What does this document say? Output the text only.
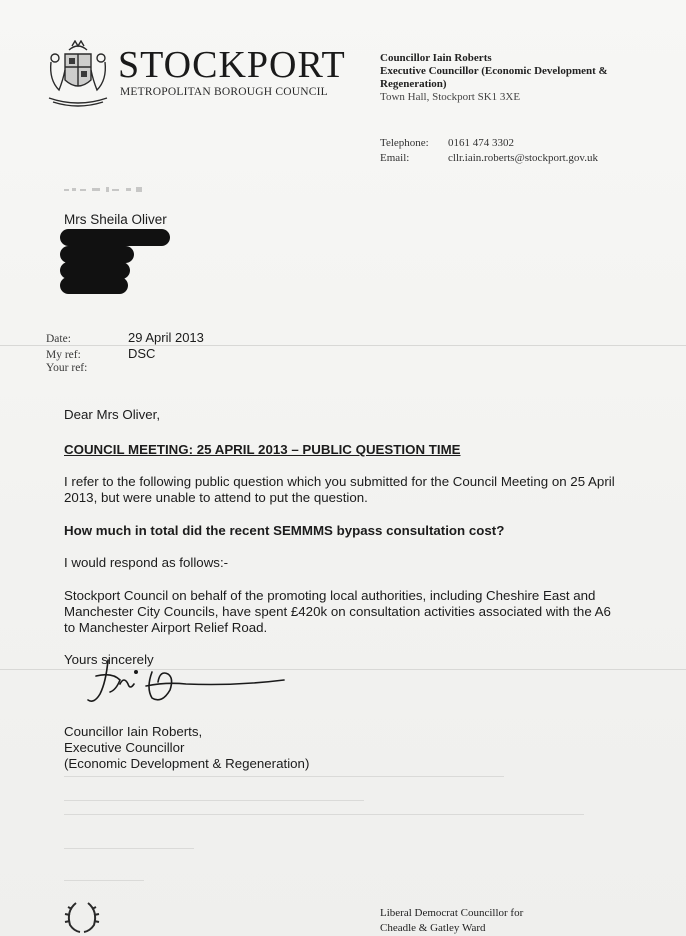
STOCKPORT
METROPOLITAN BOROUGH COUNCIL
Councillor Iain Roberts
Executive Councillor (Economic Development &
Regeneration)
Town Hall, Stockport SK1 3XE
Telephone:	0161 474 3302
Email:	cllr.iain.roberts@stockport.gov.uk
Mrs Sheila Oliver
Date:	29 April 2013
My ref:	DSC
Your ref:

Dear Mrs Oliver,

COUNCIL MEETING: 25 APRIL 2013 – PUBLIC QUESTION TIME

I refer to the following public question which you submitted for the Council Meeting on 25 April 2013, but were unable to attend to put the question.

How much in total did the recent SEMMMS bypass consultation cost?

I would respond as follows:-

Stockport Council on behalf of the promoting local authorities, including Cheshire East and Manchester City Councils, have spent £420k on consultation activities associated with the A6 to Manchester Airport Relief Road.

Yours sincerely

Councillor Iain Roberts,

Executive Councillor

(Economic Development & Regeneration)

Liberal Democrat Councillor for
Cheadle & Gatley Ward
